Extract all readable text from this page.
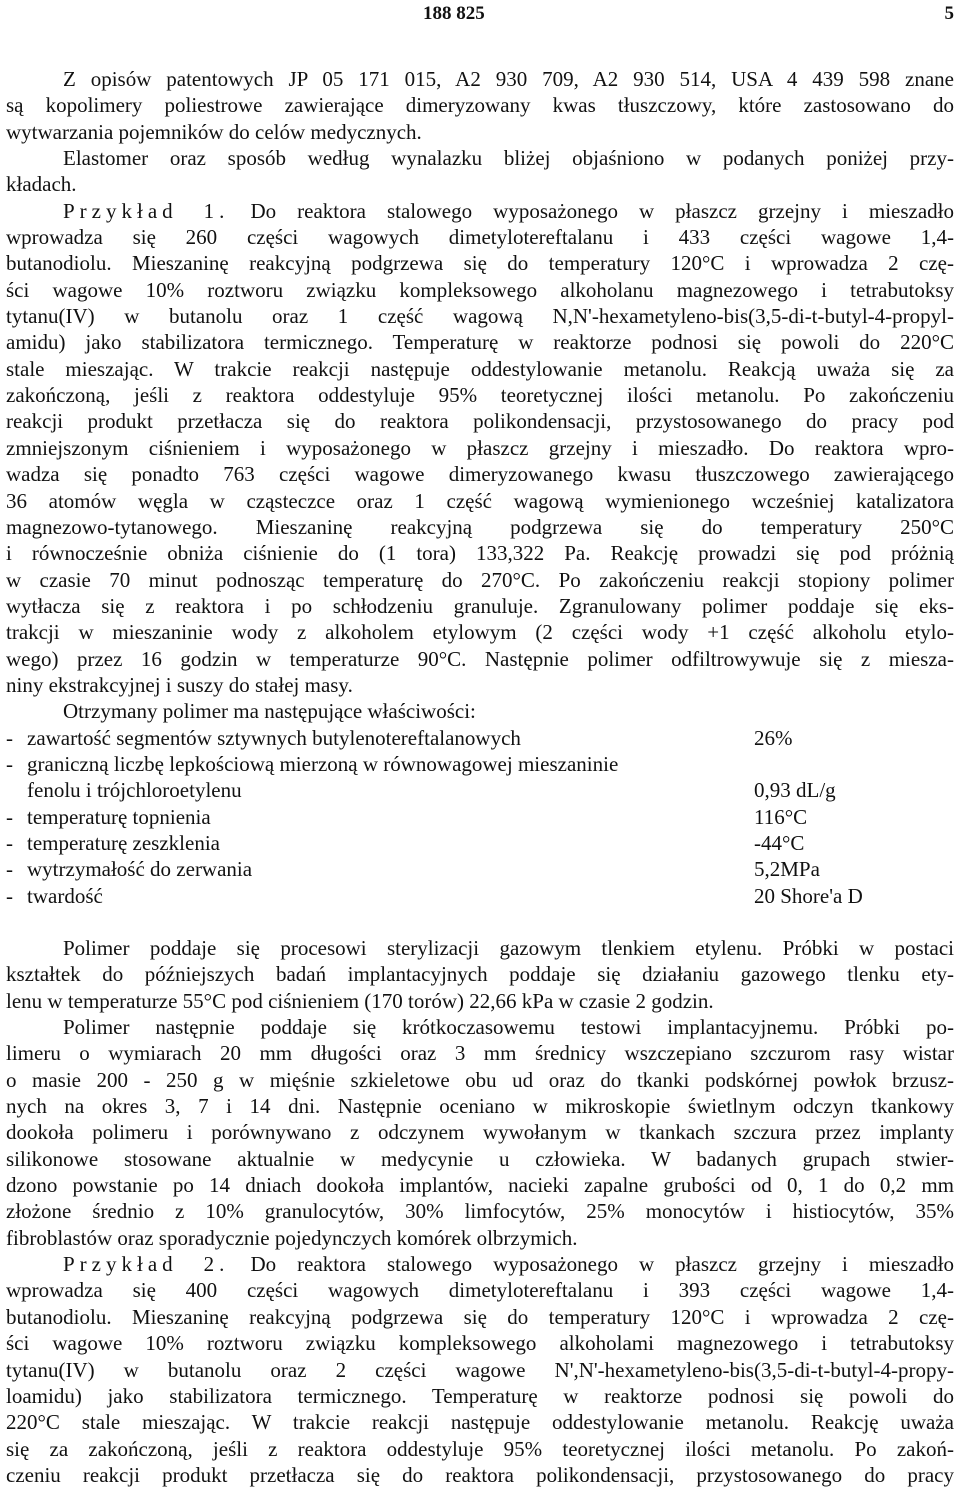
188 825	5
Z opisów patentowych JP 05 171 015, A2 930 709, A2 930 514, USA 4 439 598 znane
są kopolimery poliestrowe zawierające dimeryzowany kwas tłuszczowy, które zastosowano do
wytwarzania pojemników do celów medycznych.
Elastomer oraz sposób według wynalazku bliżej objaśniono w podanych poniżej przy-
kładach.
Przykład 1. Do reaktora stalowego wyposażonego w płaszcz grzejny i mieszadło
wprowadza się 260 części wagowych dimetylotereftalanu i 433 części wagowe 1,4-
butanodiolu. Mieszaninę reakcyjną podgrzewa się do temperatury 120°C i wprowadza 2 czę-
ści wagowe 10% roztworu związku kompleksowego alkoholanu magnezowego i tetrabutoksy
tytanu(IV) w butanolu oraz 1 część wagową N,N'-hexametyleno-bis(3,5-di-t-butyl-4-propyl-
amidu) jako stabilizatora termicznego. Temperaturę w reaktorze podnosi się powoli do 220°C
stale mieszając. W trakcie reakcji następuje oddestylowanie metanolu. Reakcją uważa się za
zakończoną, jeśli z reaktora oddestyluje 95% teoretycznej ilości metanolu. Po zakończeniu
reakcji produkt przetłacza się do reaktora polikondensacji, przystosowanego do pracy pod
zmniejszonym ciśnieniem i wyposażonego w płaszcz grzejny i mieszadło. Do reaktora wpro-
wadza się ponadto 763 części wagowe dimeryzowanego kwasu tłuszczowego zawierającego
36 atomów węgla w cząsteczce oraz 1 część wagową wymienionego wcześniej katalizatora
magnezowo-tytanowego. Mieszaninę reakcyjną podgrzewa się do temperatury 250°C
i równocześnie obniża ciśnienie do (1 tora) 133,322 Pa. Reakcję prowadzi się pod próżnią
w czasie 70 minut podnosząc temperaturę do 270°C. Po zakończeniu reakcji stopiony polimer
wytłacza się z reaktora i po schłodzeniu granuluje. Zgranulowany polimer poddaje się eks-
trakcji w mieszaninie wody z alkoholem etylowym (2 części wody +1 część alkoholu etylo-
wego) przez 16 godzin w temperaturze 90°C. Następnie polimer odfiltrowywuje się z miesza-
niny ekstrakcyjnej i suszy do stałej masy.
Otrzymany polimer ma następujące właściwości:
- zawartość segmentów sztywnych butylenotereftalanowych	26%
- graniczną liczbę lepkościową mierzoną w równowagowej mieszaninie
fenolu i trójchloroetylenu	0,93 dL/g
- temperaturę topnienia	116°C
- temperaturę zeszklenia	-44°C
- wytrzymałość do zerwania	5,2MPa
- twardość	20 Shore'a D
Polimer poddaje się procesowi sterylizacji gazowym tlenkiem etylenu. Próbki w postaci
kształtek do późniejszych badań implantacyjnych poddaje się działaniu gazowego tlenku ety-
lenu w temperaturze 55°C pod ciśnieniem (170 torów) 22,66 kPa w czasie 2 godzin.
Polimer następnie poddaje się krótkoczasowemu testowi implantacyjnemu. Próbki po-
limeru o wymiarach 20 mm długości oraz 3 mm średnicy wszczepiano szczurom rasy wistar
o masie 200 - 250 g w mięśnie szkieletowe obu ud oraz do tkanki podskórnej powłok brzusz-
nych na okres 3, 7 i 14 dni. Następnie oceniano w mikroskopie świetlnym odczyn tkankowy
dookoła polimeru i porównywano z odczynem wywołanym w tkankach szczura przez implanty
silikonowe stosowane aktualnie w medycynie u człowieka. W badanych grupach stwier-
dzono powstanie po 14 dniach dookoła implantów, nacieki zapalne grubości od 0, 1 do 0,2 mm
złożone średnio z 10% granulocytów, 30% limfocytów, 25% monocytów i histiocytów, 35%
fibroblastów oraz sporadycznie pojedynczych komórek olbrzymich.
Przykład 2. Do reaktora stalowego wyposażonego w płaszcz grzejny i mieszadło
wprowadza się 400 części wagowych dimetylotereftalanu i 393 części wagowe 1,4-
butanodiolu. Mieszaninę reakcyjną podgrzewa się do temperatury 120°C i wprowadza 2 czę-
ści wagowe 10% roztworu związku kompleksowego alkoholami magnezowego i tetrabutoksy
tytanu(IV) w butanolu oraz 2 części wagowe N',N'-hexametyleno-bis(3,5-di-t-butyl-4-propy-
loamidu) jako stabilizatora termicznego. Temperaturę w reaktorze podnosi się powoli do
220°C stale mieszając. W trakcie reakcji następuje oddestylowanie metanolu. Reakcję uważa
się za zakończoną, jeśli z reaktora oddestyluje 95% teoretycznej ilości metanolu. Po zakoń-
czeniu reakcji produkt przetłacza się do reaktora polikondensacji, przystosowanego do pracy
